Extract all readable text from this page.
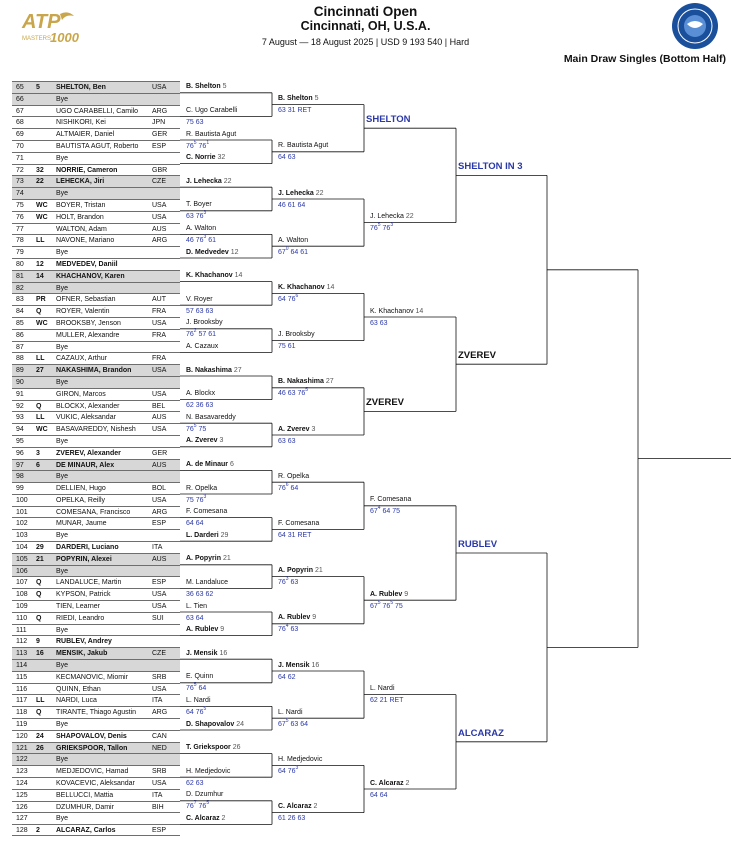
ATP
MASTERS
1000
Cincinnati Open
Cincinnati, OH, U.S.A.
7 August — 18 August 2025 | USD 9 193 540 | Hard
Main Draw Singles (Bottom Half)
65	5	SHELTON, Ben	USA
66	Bye
67	UGO CARABELLI, Camilo	ARG
68	NISHIKORI, Kei	JPN
69	ALTMAIER, Daniel	GER
70	BAUTISTA AGUT, Roberto	ESP
71	Bye
72	32	NORRIE, Cameron	GBR
73	22	LEHECKA, Jiri	CZE
74	Bye
75	WC	BOYER, Tristan	USA
76	WC	HOLT, Brandon	USA
77	WALTON, Adam	AUS
78	LL	NAVONE, Mariano	ARG
79	Bye
80	12	MEDVEDEV, Daniil
81	14	KHACHANOV, Karen
82	Bye
83	PR	OFNER, Sebastian	AUT
84	Q	ROYER, Valentin	FRA
85	WC	BROOKSBY, Jenson	USA
86	MULLER, Alexandre	FRA
87	Bye
88	LL	CAZAUX, Arthur	FRA
89	27	NAKASHIMA, Brandon	USA
90	Bye
91	GIRON, Marcos	USA
92	Q	BLOCKX, Alexander	BEL
93	LL	VUKIC, Aleksandar	AUS
94	WC	BASAVAREDDY, Nishesh	USA
95	Bye
96	3	ZVEREV, Alexander	GER
97	6	DE MINAUR, Alex	AUS
98	Bye
99	DELLIEN, Hugo	BOL
100	OPELKA, Reilly	USA
101	COMESANA, Francisco	ARG
102	MUNAR, Jaume	ESP
103	Bye
104	29	DARDERI, Luciano	ITA
105	21	POPYRIN, Alexei	AUS
106	Bye
107	Q	LANDALUCE, Martin	ESP
108	Q	KYPSON, Patrick	USA
109	TIEN, Learner	USA
110	Q	RIEDI, Leandro	SUI
111	Bye
112	9	RUBLEV, Andrey
113	16	MENSIK, Jakub	CZE
114	Bye
115	KECMANOVIC, Miomir	SRB
116	QUINN, Ethan	USA
117	LL	NARDI, Luca	ITA
118	Q	TIRANTE, Thiago Agustin	ARG
119	Bye
120	24	SHAPOVALOV, Denis	CAN
121	26	GRIEKSPOOR, Tallon	NED
122	Bye
123	MEDJEDOVIC, Hamad	SRB
124	KOVACEVIC, Aleksandar	USA
125	BELLUCCI, Mattia	ITA
126	DZUMHUR, Damir	BIH
127	Bye
128	2	ALCARAZ, Carlos	ESP
B. Shelton 5
C. Ugo Carabelli
75 63
R. Bautista Agut
$76^5$ $76^1$
C. Norrie 32
J. Lehecka 22
T. Boyer
63 $76^3$
A. Walton
46 $76^3$ 61
D. Medvedev 12
K. Khachanov 14
V. Royer
57 63 63
J. Brooksby
$76^2$ 57 61
A. Cazaux
B. Nakashima 27
A. Blockx
62 36 63
N. Basavareddy
$76^5$ 75
A. Zverev 3
A. de Minaur 6
R. Opelka
75 $76^3$
F. Comesana
64 64
L. Darderi 29
A. Popyrin 21
M. Landaluce
36 63 62
L. Tien
63 64
A. Rublev 9
J. Mensik 16
E. Quinn
$76^5$ 64
L. Nardi
64 $76^5$
D. Shapovalov 24
T. Griekspoor 26
H. Medjedovic
62 63
D. Dzumhur
$76^7$ $76^5$
C. Alcaraz 2
B. Shelton 5
63 31 RET
R. Bautista Agut
64 63
J. Lehecka 22
46 61 64
A. Walton
$67^0$ 64 61
K. Khachanov 14
64 $76^6$
J. Brooksby
75 61
B. Nakashima 27
46 63 $76^5$
A. Zverev 3
63 63
R. Opelka
$76^6$ 64
F. Comesana
64 31 RET
A. Popyrin 21
$76^3$ 63
A. Rublev 9
$76^4$ 63
J. Mensik 16
64 62
L. Nardi
$67^5$ 63 64
H. Medjedovic
64 $76^3$
C. Alcaraz 2
61 26 63
SHELTON
J. Lehecka 22
$76^5$ $76^3$
K. Khachanov 14
63 63
ZVEREV
F. Comesana
$67^4$ 64 75
A. Rublev 9
$67^5$ $76^5$ 75
L. Nardi
62 21 RET
C. Alcaraz 2
64 64
SHELTON IN 3
ZVEREV
RUBLEV
ALCARAZ
